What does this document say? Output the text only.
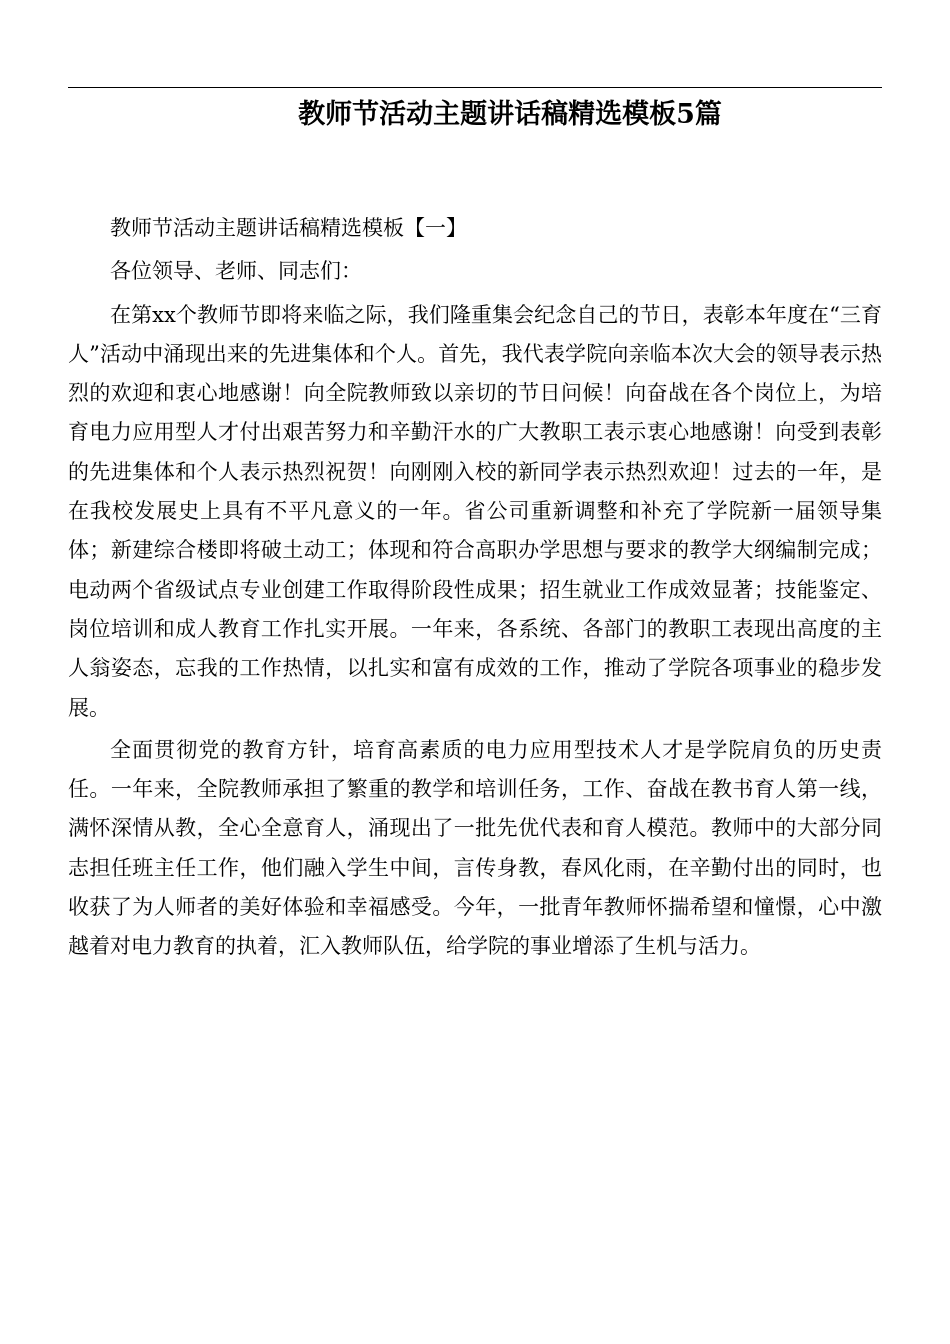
教师节活动主题讲话稿精选模板5篇

教师节活动主题讲话稿精选模板【一】

各位领导、老师、同志们：

在第xx个教师节即将来临之际，我们隆重集会纪念自己的节日，表彰本年度在“三育人”活动中涌现出来的先进集体和个人。首先，我代表学院向亲临本次大会的领导表示热烈的欢迎和衷心地感谢！向全院教师致以亲切的节日问候！向奋战在各个岗位上，为培育电力应用型人才付出艰苦努力和辛勤汗水的广大教职工表示衷心地感谢！向受到表彰的先进集体和个人表示热烈祝贺！向刚刚入校的新同学表示热烈欢迎！过去的一年，是在我校发展史上具有不平凡意义的一年。省公司重新调整和补充了学院新一届领导集体；新建综合楼即将破土动工；体现和符合高职办学思想与要求的教学大纲编制完成；电动两个省级试点专业创建工作取得阶段性成果；招生就业工作成效显著；技能鉴定、岗位培训和成人教育工作扎实开展。一年来，各系统、各部门的教职工表现出高度的主人翁姿态，忘我的工作热情，以扎实和富有成效的工作，推动了学院各项事业的稳步发展。

全面贯彻党的教育方针，培育高素质的电力应用型技术人才是学院肩负的历史责任。一年来，全院教师承担了繁重的教学和培训任务，工作、奋战在教书育人第一线，满怀深情从教，全心全意育人，涌现出了一批先优代表和育人模范。教师中的大部分同志担任班主任工作，他们融入学生中间，言传身教，春风化雨，在辛勤付出的同时，也收获了为人师者的美好体验和幸福感受。今年，一批青年教师怀揣希望和憧憬，心中激越着对电力教育的执着，汇入教师队伍，给学院的事业增添了生机与活力。
